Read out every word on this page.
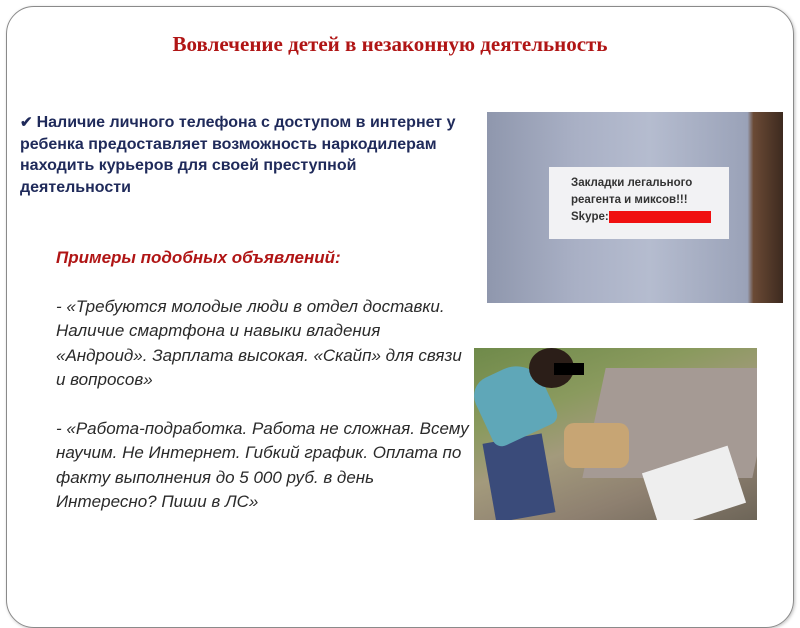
Вовлечение детей в незаконную деятельность
✔ Наличие личного телефона с доступом в интернет у ребенка предоставляет возможность наркодилерам находить курьеров для своей преступной деятельности
Примеры подобных объявлений:
- «Требуются молодые люди в отдел доставки. Наличие смартфона и навыки владения «Андроид». Зарплата высокая. «Скайп» для связи и вопросов»
- «Работа-подработка. Работа не сложная. Всему научим. Не Интернет. Гибкий график. Оплата по факту выполнения до 5 000 руб. в день Интересно? Пиши в ЛС»
Закладки легального
реагента и миксов!!!
Skype:
